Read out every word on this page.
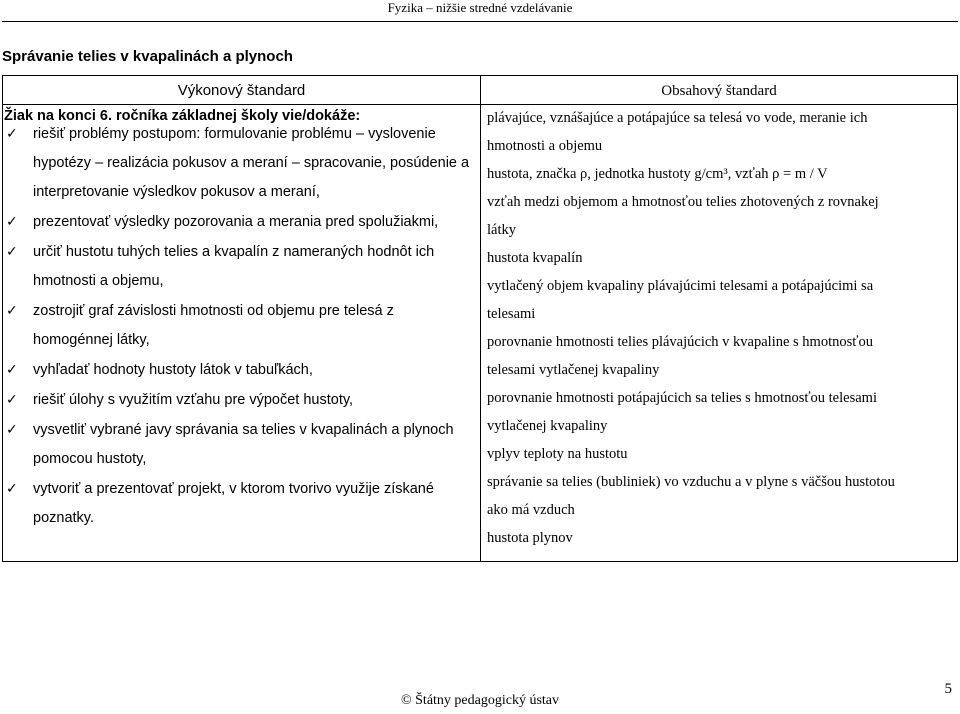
Fyzika – nižšie stredné vzdelávanie
Správanie telies v kvapalinách a plynoch
Výkonový štandard	Obsahový štandard
Žiak na konci 6. ročníka základnej školy vie/dokáže:
✓ riešiť problémy postupom: formulovanie problému – vyslovenie hypotézy – realizácia pokusov a meraní – spracovanie, posúdenie a interpretovanie výsledkov pokusov a meraní,
✓ prezentovať výsledky pozorovania a merania pred spolužiakmi,
✓ určiť hustotu tuhých telies a kvapalín z nameraných hodnôt ich hmotnosti a objemu,
✓ zostrojiť graf závislosti hmotnosti od objemu pre telesá z homogénnej látky,
✓ vyhľadať hodnoty hustoty látok v tabuľkách,
✓ riešiť úlohy s využitím vzťahu pre výpočet hustoty,
✓ vysvetliť vybrané javy správania sa telies v kvapalinách a plynoch pomocou hustoty,
✓ vytvoriť a prezentovať projekt, v ktorom tvorivo využije získané poznatky.
plávajúce, vznášajúce a potápajúce sa telesá vo vode, meranie ich
hmotnosti a objemu
hustota, značka ρ, jednotka hustoty g/cm³, vzťah ρ = m / V
vzťah medzi objemom a hmotnosťou telies zhotovených z rovnakej
látky
hustota kvapalín
vytlačený objem kvapaliny plávajúcimi telesami a potápajúcimi sa
telesami
porovnanie hmotnosti telies plávajúcich v kvapaline s hmotnosťou
telesami vytlačenej kvapaliny
porovnanie hmotnosti potápajúcich sa telies s hmotnosťou telesami
vytlačenej kvapaliny
vplyv teploty na hustotu
správanie sa telies (bubliniek) vo vzduchu a v plyne s väčšou hustotou
ako má vzduch
hustota plynov
© Štátny pedagogický ústav
5
